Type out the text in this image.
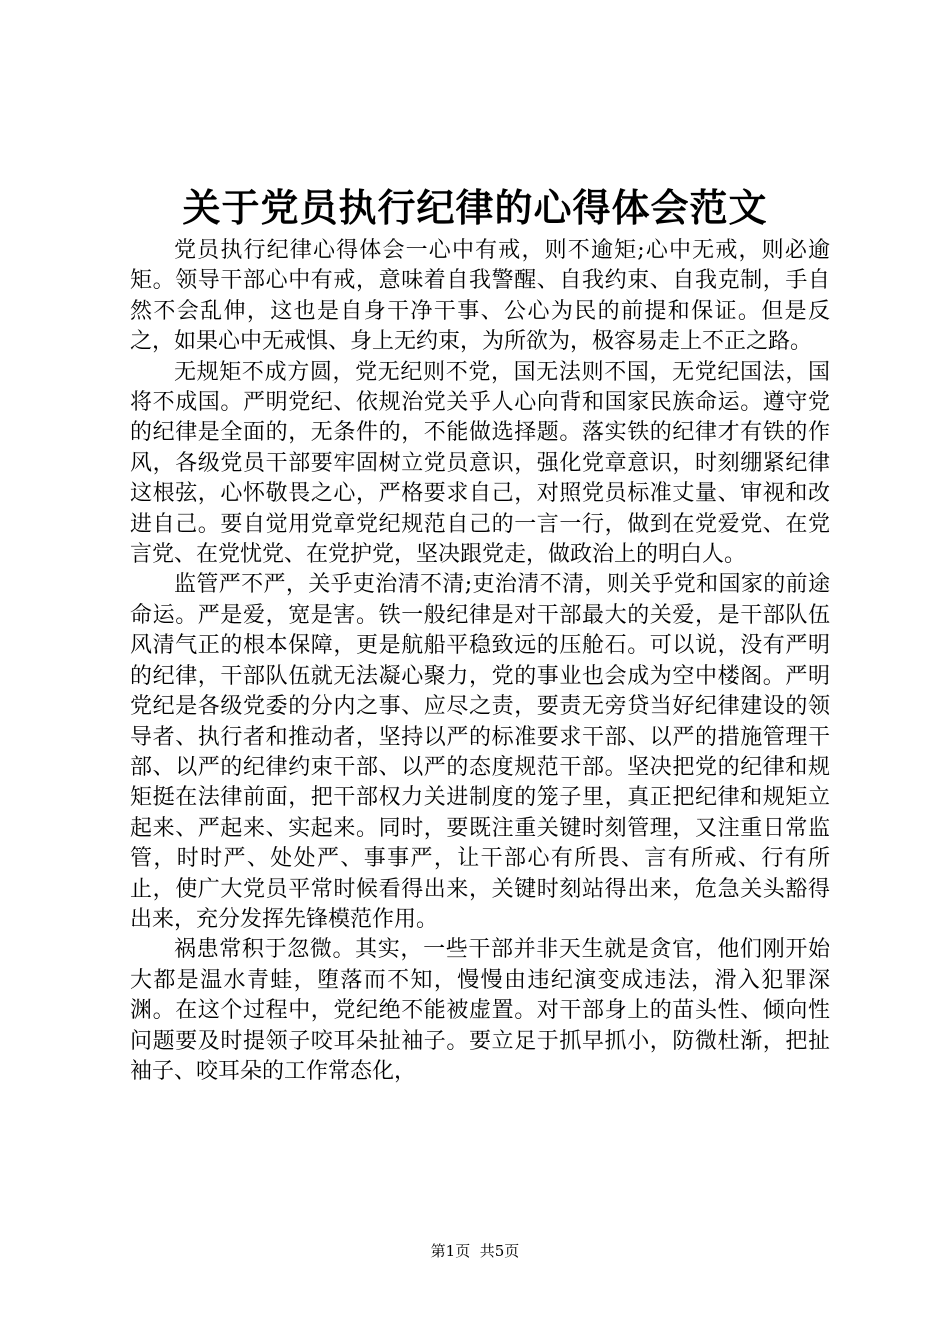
关于党员执行纪律的心得体会范文

党员执行纪律心得体会一心中有戒，则不逾矩;心中无戒，则必逾矩。领导干部心中有戒，意味着自我警醒、自我约束、自我克制，手自然不会乱伸，这也是自身干净干事、公心为民的前提和保证。但是反之，如果心中无戒惧、身上无约束，为所欲为，极容易走上不正之路。

无规矩不成方圆，党无纪则不党，国无法则不国，无党纪国法，国将不成国。严明党纪、依规治党关乎人心向背和国家民族命运。遵守党的纪律是全面的，无条件的，不能做选择题。落实铁的纪律才有铁的作风，各级党员干部要牢固树立党员意识，强化党章意识，时刻绷紧纪律这根弦，心怀敬畏之心，严格要求自己，对照党员标准丈量、审视和改进自己。要自觉用党章党纪规范自己的一言一行，做到在党爱党、在党言党、在党忧党、在党护党，坚决跟党走，做政治上的明白人。

监管严不严，关乎吏治清不清;吏治清不清，则关乎党和国家的前途命运。严是爱，宽是害。铁一般纪律是对干部最大的关爱，是干部队伍风清气正的根本保障，更是航船平稳致远的压舱石。可以说，没有严明的纪律，干部队伍就无法凝心聚力，党的事业也会成为空中楼阁。严明党纪是各级党委的分内之事、应尽之责，要责无旁贷当好纪律建设的领导者、执行者和推动者，坚持以严的标准要求干部、以严的措施管理干部、以严的纪律约束干部、以严的态度规范干部。坚决把党的纪律和规矩挺在法律前面，把干部权力关进制度的笼子里，真正把纪律和规矩立起来、严起来、实起来。同时，要既注重关键时刻管理，又注重日常监管，时时严、处处严、事事严，让干部心有所畏、言有所戒、行有所止，使广大党员平常时候看得出来，关键时刻站得出来，危急关头豁得出来，充分发挥先锋模范作用。

祸患常积于忽微。其实，一些干部并非天生就是贪官，他们刚开始大都是温水青蛙，堕落而不知，慢慢由违纪演变成违法，滑入犯罪深渊。在这个过程中，党纪绝不能被虚置。对干部身上的苗头性、倾向性问题要及时提领子咬耳朵扯袖子。要立足于抓早抓小，防微杜渐，把扯袖子、咬耳朵的工作常态化，

第1页 共5页
